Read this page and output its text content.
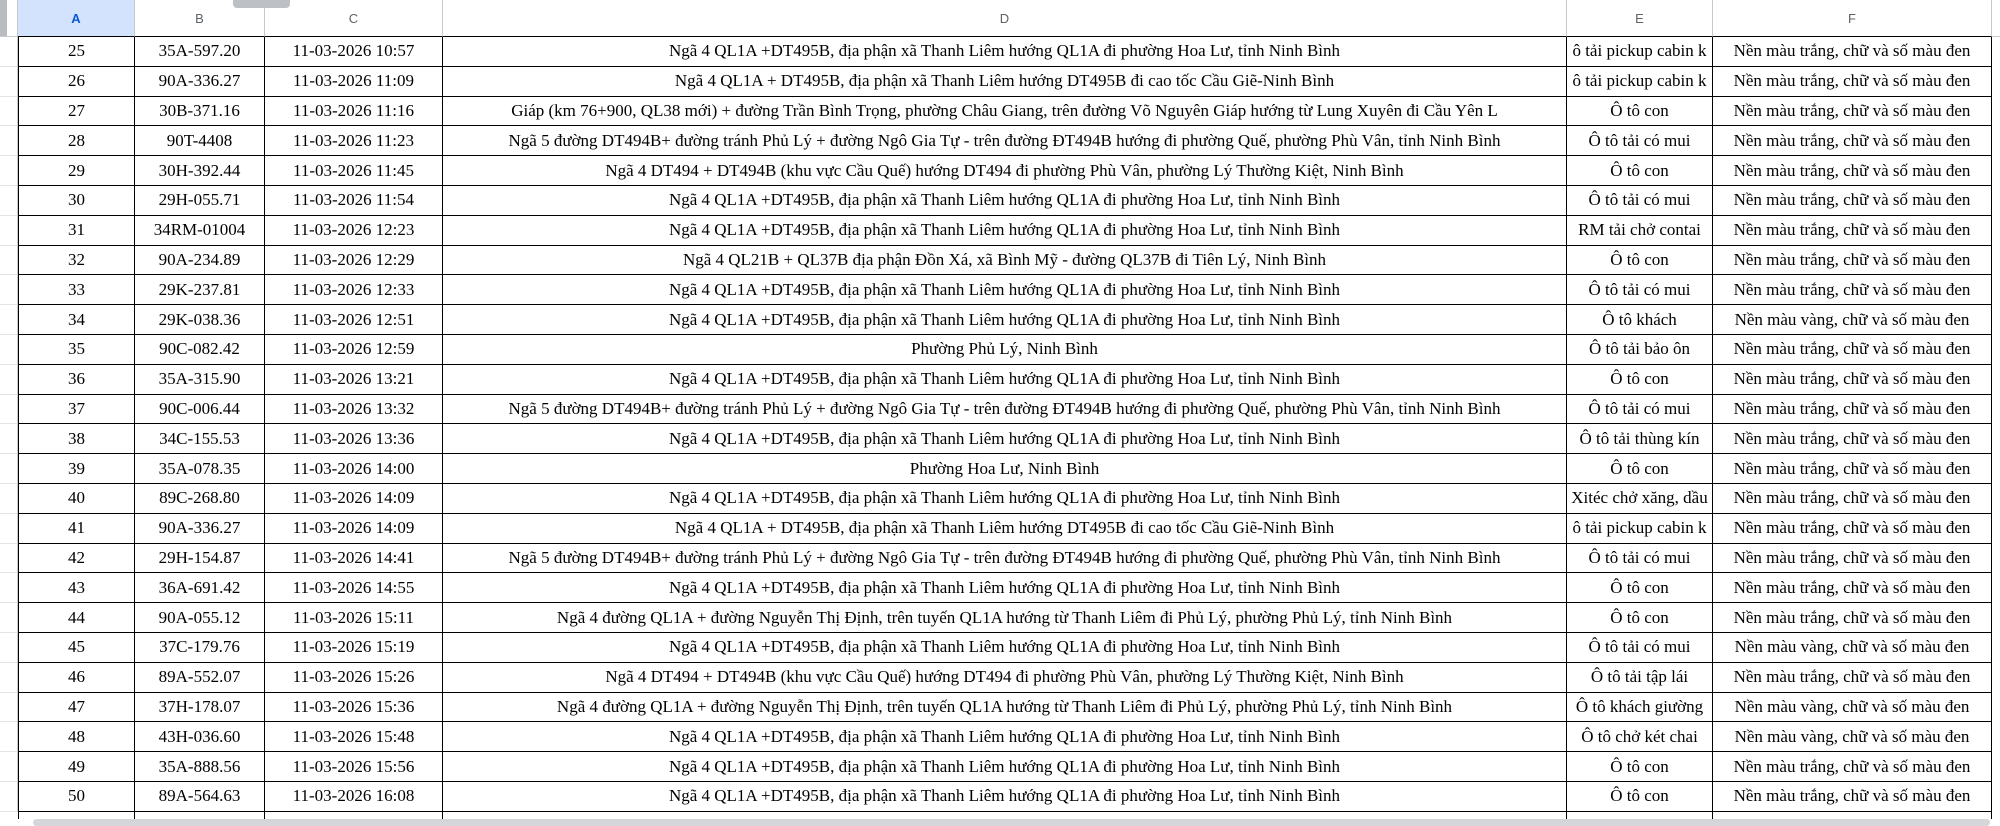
A	B	C	D	E	F
25	35A-597.20	11-03-2026 10:57	Ngã 4 QL1A +DT495B, địa phận xã Thanh Liêm hướng QL1A đi phường Hoa Lư, tỉnh Ninh Bình	ô tải pickup cabin k	Nền màu trắng, chữ và số màu đen
26	90A-336.27	11-03-2026 11:09	Ngã 4 QL1A + DT495B, địa phận xã Thanh Liêm hướng DT495B đi cao tốc Cầu Giẽ-Ninh Bình	ô tải pickup cabin k	Nền màu trắng, chữ và số màu đen
27	30B-371.16	11-03-2026 11:16	Giáp (km 76+900, QL38 mới) + đường Trần Bình Trọng, phường Châu Giang, trên đường Võ Nguyên Giáp hướng từ Lung Xuyên đi Cầu Yên L	Ô tô con	Nền màu trắng, chữ và số màu đen
28	90T-4408	11-03-2026 11:23	Ngã 5 đường DT494B+ đường tránh Phủ Lý + đường Ngô Gia Tự - trên đường ĐT494B hướng đi phường Quế, phường Phù Vân, tỉnh Ninh Bình	Ô tô tải có mui	Nền màu trắng, chữ và số màu đen
29	30H-392.44	11-03-2026 11:45	Ngã 4 DT494 + DT494B (khu vực Cầu Quế) hướng DT494 đi phường Phù Vân, phường Lý Thường Kiệt, Ninh Bình	Ô tô con	Nền màu trắng, chữ và số màu đen
30	29H-055.71	11-03-2026 11:54	Ngã 4 QL1A +DT495B, địa phận xã Thanh Liêm hướng QL1A đi phường Hoa Lư, tỉnh Ninh Bình	Ô tô tải có mui	Nền màu trắng, chữ và số màu đen
31	34RM-01004	11-03-2026 12:23	Ngã 4 QL1A +DT495B, địa phận xã Thanh Liêm hướng QL1A đi phường Hoa Lư, tỉnh Ninh Bình	RM tải chở contai	Nền màu trắng, chữ và số màu đen
32	90A-234.89	11-03-2026 12:29	Ngã 4 QL21B + QL37B địa phận Đồn Xá, xã Bình Mỹ - đường QL37B đi Tiên Lý, Ninh Bình	Ô tô con	Nền màu trắng, chữ và số màu đen
33	29K-237.81	11-03-2026 12:33	Ngã 4 QL1A +DT495B, địa phận xã Thanh Liêm hướng QL1A đi phường Hoa Lư, tỉnh Ninh Bình	Ô tô tải có mui	Nền màu trắng, chữ và số màu đen
34	29K-038.36	11-03-2026 12:51	Ngã 4 QL1A +DT495B, địa phận xã Thanh Liêm hướng QL1A đi phường Hoa Lư, tỉnh Ninh Bình	Ô tô khách	Nền màu vàng, chữ và số màu đen
35	90C-082.42	11-03-2026 12:59	Phường Phủ Lý, Ninh Bình	Ô tô tải bảo ôn	Nền màu trắng, chữ và số màu đen
36	35A-315.90	11-03-2026 13:21	Ngã 4 QL1A +DT495B, địa phận xã Thanh Liêm hướng QL1A đi phường Hoa Lư, tỉnh Ninh Bình	Ô tô con	Nền màu trắng, chữ và số màu đen
37	90C-006.44	11-03-2026 13:32	Ngã 5 đường DT494B+ đường tránh Phủ Lý + đường Ngô Gia Tự - trên đường ĐT494B hướng đi phường Quế, phường Phù Vân, tỉnh Ninh Bình	Ô tô tải có mui	Nền màu trắng, chữ và số màu đen
38	34C-155.53	11-03-2026 13:36	Ngã 4 QL1A +DT495B, địa phận xã Thanh Liêm hướng QL1A đi phường Hoa Lư, tỉnh Ninh Bình	Ô tô tải thùng kín	Nền màu trắng, chữ và số màu đen
39	35A-078.35	11-03-2026 14:00	Phường Hoa Lư, Ninh Bình	Ô tô con	Nền màu trắng, chữ và số màu đen
40	89C-268.80	11-03-2026 14:09	Ngã 4 QL1A +DT495B, địa phận xã Thanh Liêm hướng QL1A đi phường Hoa Lư, tỉnh Ninh Bình	Xitéc chở xăng, dầu	Nền màu trắng, chữ và số màu đen
41	90A-336.27	11-03-2026 14:09	Ngã 4 QL1A + DT495B, địa phận xã Thanh Liêm hướng DT495B đi cao tốc Cầu Giẽ-Ninh Bình	ô tải pickup cabin k	Nền màu trắng, chữ và số màu đen
42	29H-154.87	11-03-2026 14:41	Ngã 5 đường DT494B+ đường tránh Phủ Lý + đường Ngô Gia Tự - trên đường ĐT494B hướng đi phường Quế, phường Phù Vân, tỉnh Ninh Bình	Ô tô tải có mui	Nền màu trắng, chữ và số màu đen
43	36A-691.42	11-03-2026 14:55	Ngã 4 QL1A +DT495B, địa phận xã Thanh Liêm hướng QL1A đi phường Hoa Lư, tỉnh Ninh Bình	Ô tô con	Nền màu trắng, chữ và số màu đen
44	90A-055.12	11-03-2026 15:11	Ngã 4 đường QL1A + đường Nguyễn Thị Định, trên tuyến QL1A hướng từ Thanh Liêm đi Phủ Lý, phường Phủ Lý, tỉnh Ninh Bình	Ô tô con	Nền màu trắng, chữ và số màu đen
45	37C-179.76	11-03-2026 15:19	Ngã 4 QL1A +DT495B, địa phận xã Thanh Liêm hướng QL1A đi phường Hoa Lư, tỉnh Ninh Bình	Ô tô tải có mui	Nền màu vàng, chữ và số màu đen
46	89A-552.07	11-03-2026 15:26	Ngã 4 DT494 + DT494B (khu vực Cầu Quế) hướng DT494 đi phường Phù Vân, phường Lý Thường Kiệt, Ninh Bình	Ô tô tải tập lái	Nền màu trắng, chữ và số màu đen
47	37H-178.07	11-03-2026 15:36	Ngã 4 đường QL1A + đường Nguyễn Thị Định, trên tuyến QL1A hướng từ Thanh Liêm đi Phủ Lý, phường Phủ Lý, tỉnh Ninh Bình	Ô tô khách giường	Nền màu vàng, chữ và số màu đen
48	43H-036.60	11-03-2026 15:48	Ngã 4 QL1A +DT495B, địa phận xã Thanh Liêm hướng QL1A đi phường Hoa Lư, tỉnh Ninh Bình	Ô tô chở két chai	Nền màu vàng, chữ và số màu đen
49	35A-888.56	11-03-2026 15:56	Ngã 4 QL1A +DT495B, địa phận xã Thanh Liêm hướng QL1A đi phường Hoa Lư, tỉnh Ninh Bình	Ô tô con	Nền màu trắng, chữ và số màu đen
50	89A-564.63	11-03-2026 16:08	Ngã 4 QL1A +DT495B, địa phận xã Thanh Liêm hướng QL1A đi phường Hoa Lư, tỉnh Ninh Bình	Ô tô con	Nền màu trắng, chữ và số màu đen
